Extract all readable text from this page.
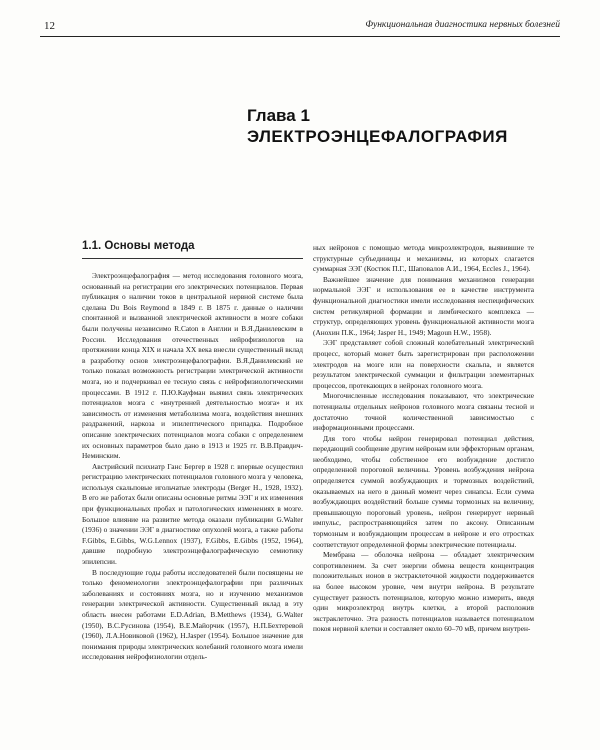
12	Функциональная диагностика нервных болезней
Глава 1
ЭЛЕКТРОЭНЦЕФАЛОГРАФИЯ
1.1. Основы метода

Электроэнцефалография — метод исследования головного мозга, основанный на регистрации его электрических потенциалов. Первая публикация о наличии токов в центральной нервной системе была сделана Du Bois Reymond в 1849 г. В 1875 г. данные о наличии спонтанной и вызванной электрической активности в мозге собаки были получены независимо R.Caton в Англии и В.Я.Данилевским в России. Исследования отечественных нейрофизиологов на протяжении конца XIX и начала XX века внесли существенный вклад в разработку основ электроэнцефалографии. В.Я.Данилевский не только показал возможность регистрации электрической активности мозга, но и подчеркивал ее тесную связь с нейрофизиологическими процессами. В 1912 г. П.Ю.Кауфман выявил связь электрических потенциалов мозга с «внутренней деятельностью мозга» и их зависимость от изменения метаболизма мозга, воздействия внешних раздражений, наркоза и эпилептического припадка. Подробное описание электрических потенциалов мозга собаки с определением их основных параметров было дано в 1913 и 1925 гг. В.В.Правдич-Неминским.

Австрийский психиатр Ганс Бергер в 1928 г. впервые осуществил регистрацию электрических потенциалов головного мозга у человека, используя скальповые игольчатые электроды (Berger H., 1928, 1932). В его же работах были описаны основные ритмы ЭЭГ и их изменения при функциональных пробах и патологических изменениях в мозге. Большое влияние на развитие метода оказали публикации G.Walter (1936) о значении ЭЭГ в диагностике опухолей мозга, а также работы F.Gibbs, E.Gibbs, W.G.Lennox (1937), F.Gibbs, E.Gibbs (1952, 1964), давшие подробную электроэнцефалографическую семиотику эпилепсии.

В последующие годы работы исследователей были посвящены не только феноменологии электроэнцефалографии при различных заболеваниях и состояниях мозга, но и изучению механизмов генерации электрической активности. Существенный вклад в эту область внесен работами E.D.Adrian, B.Metthews (1934), G.Walter (1950), В.С.Русинова (1954), В.Е.Майорчик (1957), Н.П.Бехтеревой (1960), Л.А.Новиковой (1962), H.Jasper (1954). Большое значение для понимания природы электрических колебаний головного мозга имели исследования нейрофизиологии отдель-

ных нейронов с помощью метода микроэлектродов, выявившие те структурные субъединицы и механизмы, из которых слагается суммарная ЭЭГ (Костюк П.Г., Шаповалов А.И., 1964, Eccles J., 1964).

Важнейшее значение для понимания механизмов генерации нормальной ЭЭГ и использования ее в качестве инструмента функциональной диагностики имели исследования неспецифических систем ретикулярной формации и лимбического комплекса — структур, определяющих уровень функциональной активности мозга (Анохин П.К., 1964; Jasper H., 1949; Magoun H.W., 1958).

ЭЭГ представляет собой сложный колебательный электрический процесс, который может быть зарегистрирован при расположении электродов на мозге или на поверхности скальпа, и является результатом электрической суммации и фильтрации элементарных процессов, протекающих в нейронах головного мозга.

Многочисленные исследования показывают, что электрические потенциалы отдельных нейронов головного мозга связаны тесной и достаточно точной количественной зависимостью с информационными процессами.

Для того чтобы нейрон генерировал потенциал действия, передающий сообщение другим нейронам или эффекторным органам, необходимо, чтобы собственное его возбуждение достигло определенной пороговой величины. Уровень возбуждения нейрона определяется суммой возбуждающих и тормозных воздействий, оказываемых на него в данный момент через синапсы. Если сумма возбуждающих воздействий больше суммы тормозных на величину, превышающую пороговый уровень, нейрон генерирует нервный импульс, распространяющийся затем по аксону. Описанным тормозным и возбуждающим процессам в нейроне и его отростках соответствуют определенной формы электрические потенциалы.

Мембрана — оболочка нейрона — обладает электрическим сопротивлением. За счет энергии обмена веществ концентрация положительных ионов в экстраклеточной жидкости поддерживается на более высоком уровне, чем внутри нейрона. В результате существует разность потенциалов, которую можно измерить, введя один микроэлектрод внутрь клетки, а второй расположив экстраклеточно. Эта разность потенциалов называется потенциалом покоя нервной клетки и составляет около 60–70 мВ, причем внутрен-
